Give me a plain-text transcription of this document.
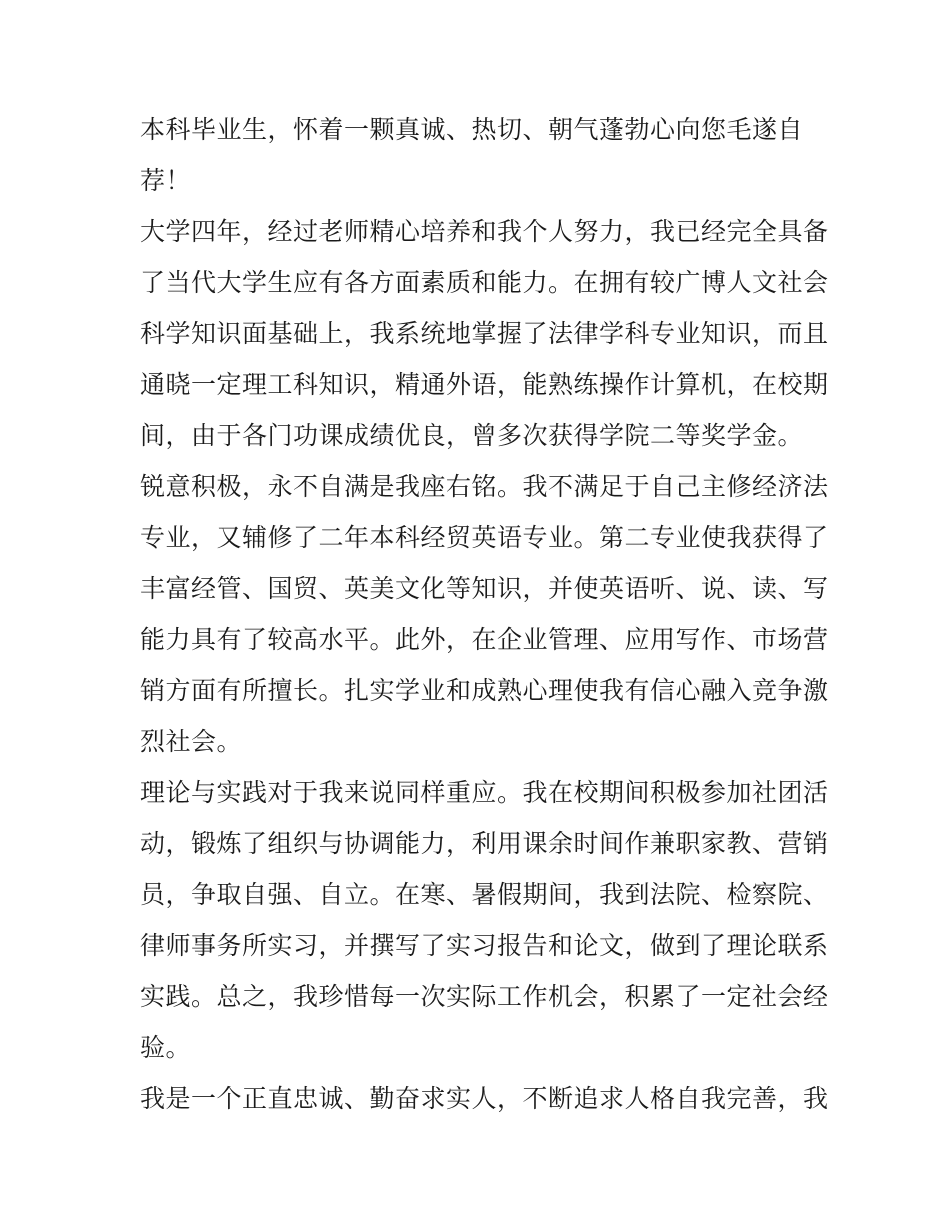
本科毕业生，怀着一颗真诚、热切、朝气蓬勃心向您毛遂自
荐！
大学四年，经过老师精心培养和我个人努力，我已经完全具备
了当代大学生应有各方面素质和能力。在拥有较广博人文社会
科学知识面基础上，我系统地掌握了法律学科专业知识，而且
通晓一定理工科知识，精通外语，能熟练操作计算机，在校期
间，由于各门功课成绩优良，曾多次获得学院二等奖学金。
锐意积极，永不自满是我座右铭。我不满足于自己主修经济法
专业，又辅修了二年本科经贸英语专业。第二专业使我获得了
丰富经管、国贸、英美文化等知识，并使英语听、说、读、写
能力具有了较高水平。此外，在企业管理、应用写作、市场营
销方面有所擅长。扎实学业和成熟心理使我有信心融入竞争激
烈社会。
理论与实践对于我来说同样重应。我在校期间积极参加社团活
动，锻炼了组织与协调能力，利用课余时间作兼职家教、营销
员，争取自强、自立。在寒、暑假期间，我到法院、检察院、
律师事务所实习，并撰写了实习报告和论文，做到了理论联系
实践。总之，我珍惜每一次实际工作机会，积累了一定社会经
验。
我是一个正直忠诚、勤奋求实人，不断追求人格自我完善，我
